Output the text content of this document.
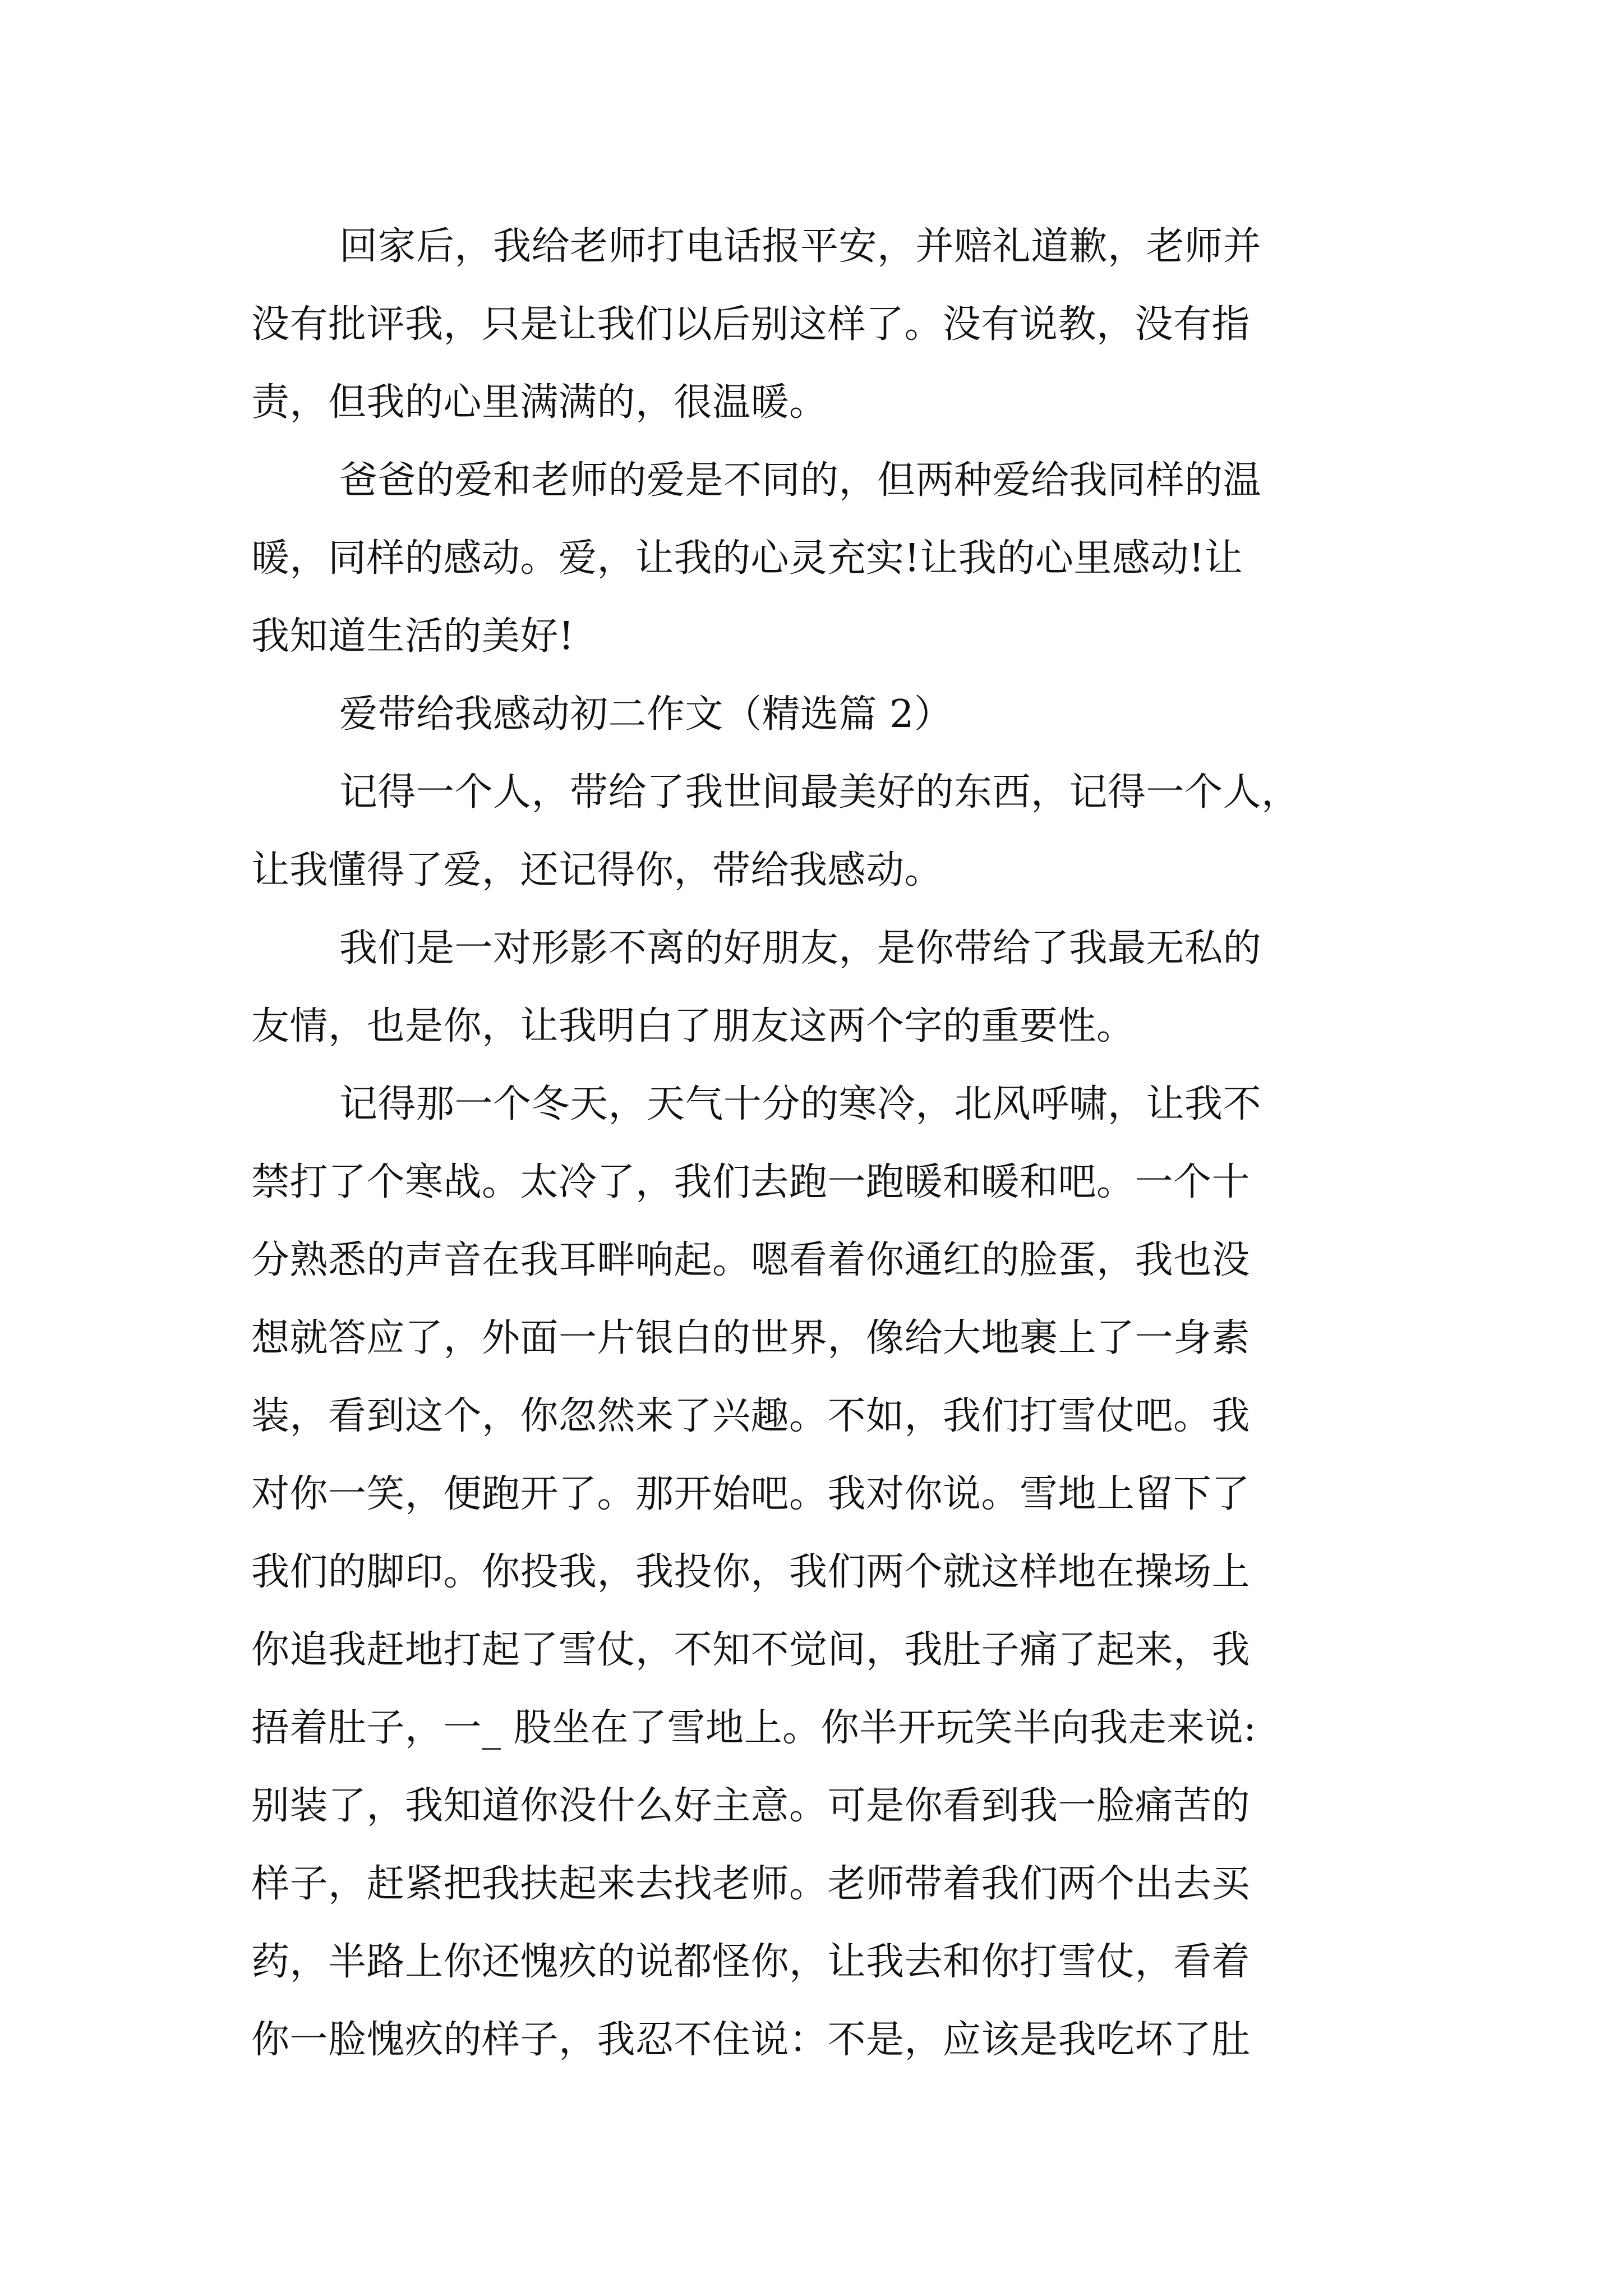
回家后，我给老师打电话报平安，并赔礼道歉，老师并
没有批评我，只是让我们以后别这样了。没有说教，没有指
责，但我的心里满满的，很温暖。
爸爸的爱和老师的爱是不同的，但两种爱给我同样的温
暖，同样的感动。爱，让我的心灵充实!让我的心里感动!让
我知道生活的美好!
爱带给我感动初二作文（精选篇 2）
记得一个人，带给了我世间最美好的东西，记得一个人，
让我懂得了爱，还记得你，带给我感动。
我们是一对形影不离的好朋友，是你带给了我最无私的
友情，也是你，让我明白了朋友这两个字的重要性。
记得那一个冬天，天气十分的寒冷，北风呼啸，让我不
禁打了个寒战。太冷了，我们去跑一跑暖和暖和吧。一个十
分熟悉的声音在我耳畔响起。嗯看着你通红的脸蛋，我也没
想就答应了，外面一片银白的世界，像给大地裹上了一身素
装，看到这个，你忽然来了兴趣。不如，我们打雪仗吧。我
对你一笑，便跑开了。那开始吧。我对你说。雪地上留下了
我们的脚印。你投我，我投你，我们两个就这样地在操场上
你追我赶地打起了雪仗，不知不觉间，我肚子痛了起来，我
捂着肚子，一_ 股坐在了雪地上。你半开玩笑半向我走来说:
别装了，我知道你没什么好主意。可是你看到我一脸痛苦的
样子，赶紧把我扶起来去找老师。老师带着我们两个出去买
药，半路上你还愧疚的说都怪你，让我去和你打雪仗，看着
你一脸愧疚的样子，我忍不住说：不是，应该是我吃坏了肚
